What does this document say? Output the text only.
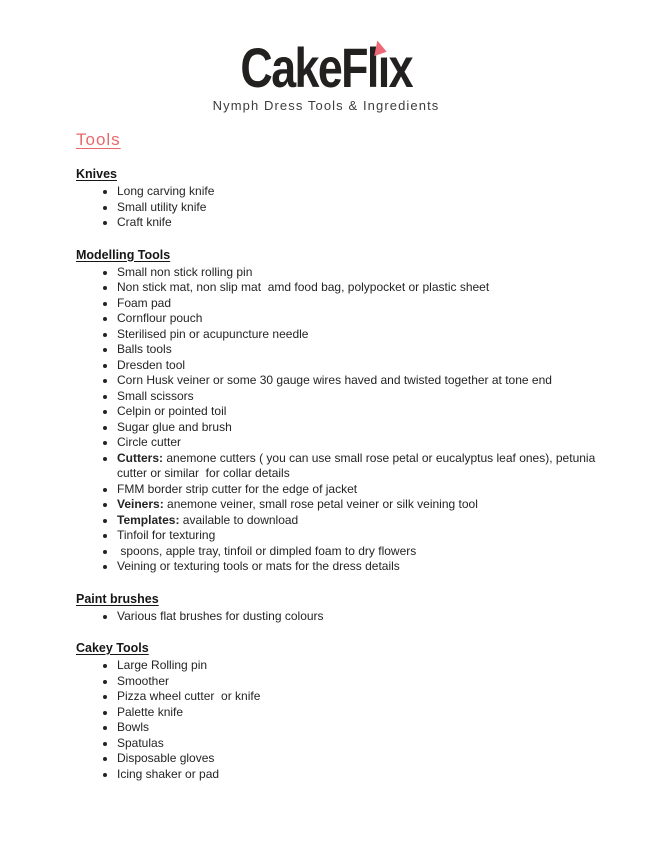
CakeFl
ıx
Nymph Dress Tools & Ingredients
Tools
Knives
• Long carving knife
• Small utility knife
• Craft knife
Modelling Tools
• Small non stick rolling pin
• Non stick mat, non slip mat  amd food bag, polypocket or plastic sheet
• Foam pad
• Cornflour pouch
• Sterilised pin or acupuncture needle
• Balls tools
• Dresden tool
• Corn Husk veiner or some 30 gauge wires haved and twisted together at tone end
• Small scissors
• Celpin or pointed toil
• Sugar glue and brush
• Circle cutter
• Cutters: anemone cutters ( you can use small rose petal or eucalyptus leaf ones), petunia cutter or similar  for collar details
• FMM border strip cutter for the edge of jacket
• Veiners: anemone veiner, small rose petal veiner or silk veining tool
• Templates: available to download
• Tinfoil for texturing
•  spoons, apple tray, tinfoil or dimpled foam to dry flowers
• Veining or texturing tools or mats for the dress details
Paint brushes
• Various flat brushes for dusting colours
Cakey Tools
• Large Rolling pin
• Smoother
• Pizza wheel cutter  or knife
• Palette knife
• Bowls
• Spatulas
• Disposable gloves
• Icing shaker or pad
